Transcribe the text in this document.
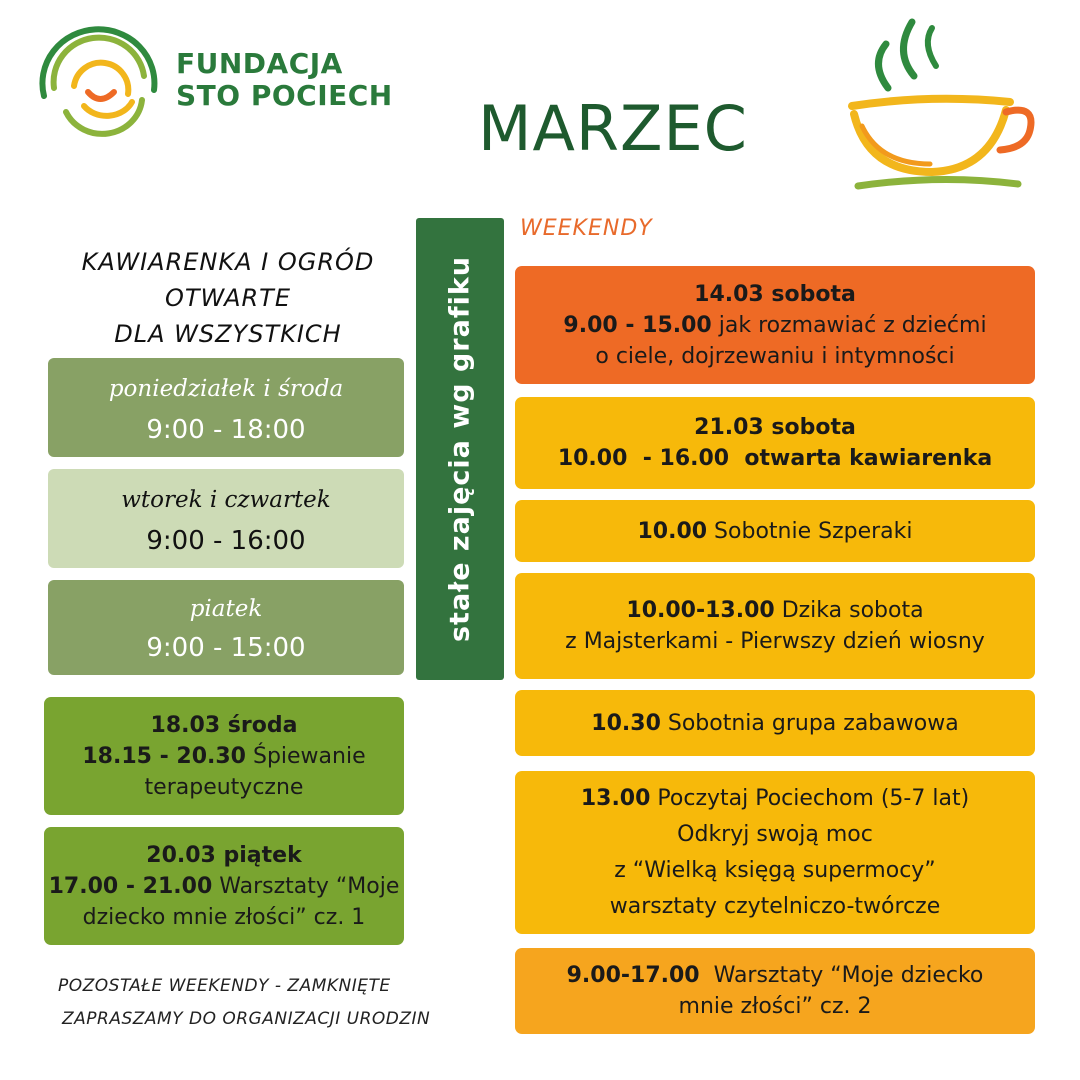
FUNDACJA
STO POCIECH MARZEC
KAWIARENKA I OGRÓD
OTWARTE
DLA WSZYSTKICH
poniedziałek i środa
9:00 - 18:00
wtorek i czwartek
9:00 - 16:00
piatek
9:00 - 15:00
stałe zajęcia wg grafiku
18.03 środa
18.15 - 20.30 Śpiewanie
terapeutyczne
20.03 piątek
17.00 - 21.00 Warsztaty “Moje
dziecko mnie złości” cz. 1
POZOSTAŁE WEEKENDY - ZAMKNIĘTE
ZAPRASZAMY DO ORGANIZACJI URODZIN
WEEKENDY
14.03 sobota
9.00 - 15.00 jak rozmawiać z dziećmi
o ciele, dojrzewaniu i intymności
21.03 sobota
10.00  - 16.00  otwarta kawiarenka
10.00 Sobotnie Szperaki
10.00-13.00 Dzika sobota
z Majsterkami - Pierwszy dzień wiosny
10.30 Sobotnia grupa zabawowa
13.00 Poczytaj Pociechom (5-7 lat)
Odkryj swoją moc
z “Wielką księgą supermocy”
warsztaty czytelniczo-twórcze
9.00-17.00  Warsztaty “Moje dziecko
mnie złości” cz. 2
